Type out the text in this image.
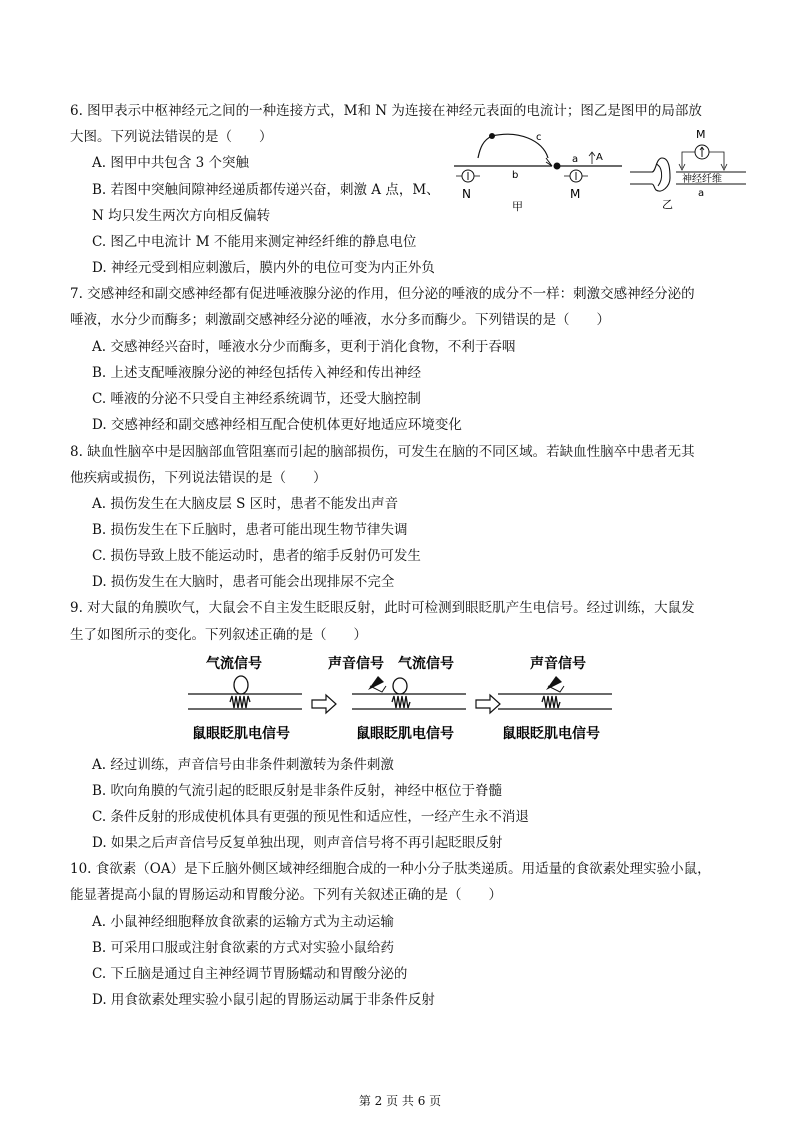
6. 图甲表示中枢神经元之间的一种连接方式，M和 N 为连接在神经元表面的电流计；图乙是图甲的局部放
大图。下列说法错误的是（　　）
A. 图甲中共包含 3 个突触
B. 若图中突触间隙神经递质都传递兴奋，刺激 A 点，M、
N 均只发生两次方向相反偏转
C. 图乙中电流计 M 不能用来测定神经纤维的静息电位
D. 神经元受到相应刺激后，膜内外的电位可变为内正外负
c
a A
b
N	M
甲
M
神经纤维
a
乙
7. 交感神经和副交感神经都有促进唾液腺分泌的作用，但分泌的唾液的成分不一样：刺激交感神经分泌的
唾液，水分少而酶多；刺激副交感神经分泌的唾液，水分多而酶少。下列错误的是（　　）
A. 交感神经兴奋时，唾液水分少而酶多，更利于消化食物，不利于吞咽
B. 上述支配唾液腺分泌的神经包括传入神经和传出神经
C. 唾液的分泌不只受自主神经系统调节，还受大脑控制
D. 交感神经和副交感神经相互配合使机体更好地适应环境变化
8. 缺血性脑卒中是因脑部血管阻塞而引起的脑部损伤，可发生在脑的不同区域。若缺血性脑卒中患者无其
他疾病或损伤，下列说法错误的是（　　）
A. 损伤发生在大脑皮层 S 区时，患者不能发出声音
B. 损伤发生在下丘脑时，患者可能出现生物节律失调
C. 损伤导致上肢不能运动时，患者的缩手反射仍可发生
D. 损伤发生在大脑时，患者可能会出现排尿不完全
9. 对大鼠的角膜吹气，大鼠会不自主发生眨眼反射，此时可检测到眼眨肌产生电信号。经过训练，大鼠发
生了如图所示的变化。下列叙述正确的是（　　）
气流信号
鼠眼眨肌电信号
声音信号 气流信号
鼠眼眨肌电信号
声音信号
鼠眼眨肌电信号
A. 经过训练，声音信号由非条件刺激转为条件刺激
B. 吹向角膜的气流引起的眨眼反射是非条件反射，神经中枢位于脊髓
C. 条件反射的形成使机体具有更强的预见性和适应性，一经产生永不消退
D. 如果之后声音信号反复单独出现，则声音信号将不再引起眨眼反射
10. 食欲素（OA）是下丘脑外侧区域神经细胞合成的一种小分子肽类递质。用适量的食欲素处理实验小鼠，
能显著提高小鼠的胃肠运动和胃酸分泌。下列有关叙述正确的是（　　）
A. 小鼠神经细胞释放食欲素的运输方式为主动运输
B. 可采用口服或注射食欲素的方式对实验小鼠给药
C. 下丘脑是通过自主神经调节胃肠蠕动和胃酸分泌的
D. 用食欲素处理实验小鼠引起的胃肠运动属于非条件反射
第 2 页 共 6 页
